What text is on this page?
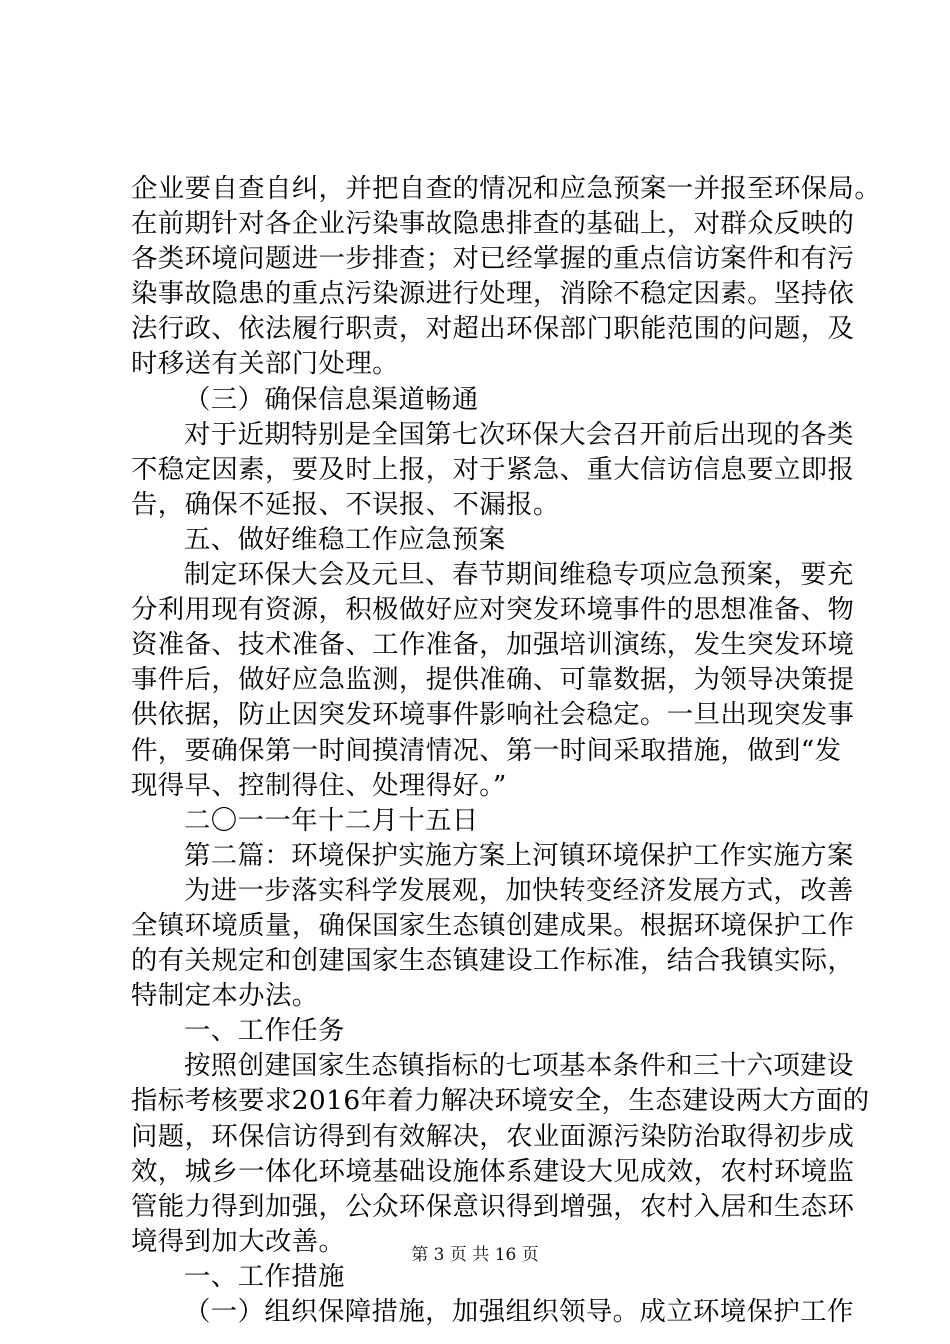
企业要自查自纠，并把自查的情况和应急预案一并报至环保局。
在前期针对各企业污染事故隐患排查的基础上，对群众反映的
各类环境问题进一步排查；对已经掌握的重点信访案件和有污
染事故隐患的重点污染源进行处理，消除不稳定因素。坚持依
法行政、依法履行职责，对超出环保部门职能范围的问题，及
时移送有关部门处理。
（三）确保信息渠道畅通
对于近期特别是全国第七次环保大会召开前后出现的各类
不稳定因素，要及时上报，对于紧急、重大信访信息要立即报
告，确保不延报、不误报、不漏报。
五、做好维稳工作应急预案
制定环保大会及元旦、春节期间维稳专项应急预案，要充
分利用现有资源，积极做好应对突发环境事件的思想准备、物
资准备、技术准备、工作准备，加强培训演练，发生突发环境
事件后，做好应急监测，提供准确、可靠数据，为领导决策提
供依据，防止因突发环境事件影响社会稳定。一旦出现突发事
件，要确保第一时间摸清情况、第一时间采取措施，做到“发
现得早、控制得住、处理得好。”
二〇一一年十二月十五日
第二篇：环境保护实施方案上河镇环境保护工作实施方案
为进一步落实科学发展观，加快转变经济发展方式，改善
全镇环境质量，确保国家生态镇创建成果。根据环境保护工作
的有关规定和创建国家生态镇建设工作标准，结合我镇实际，
特制定本办法。
一、工作任务
按照创建国家生态镇指标的七项基本条件和三十六项建设
指标考核要求2016年着力解决环境安全，生态建设两大方面的
问题，环保信访得到有效解决，农业面源污染防治取得初步成
效，城乡一体化环境基础设施体系建设大见成效，农村环境监
管能力得到加强，公众环保意识得到增强，农村入居和生态环
境得到加大改善。
一、工作措施
（一）组织保障措施，加强组织领导。成立环境保护工作
第 3 页 共 16 页
